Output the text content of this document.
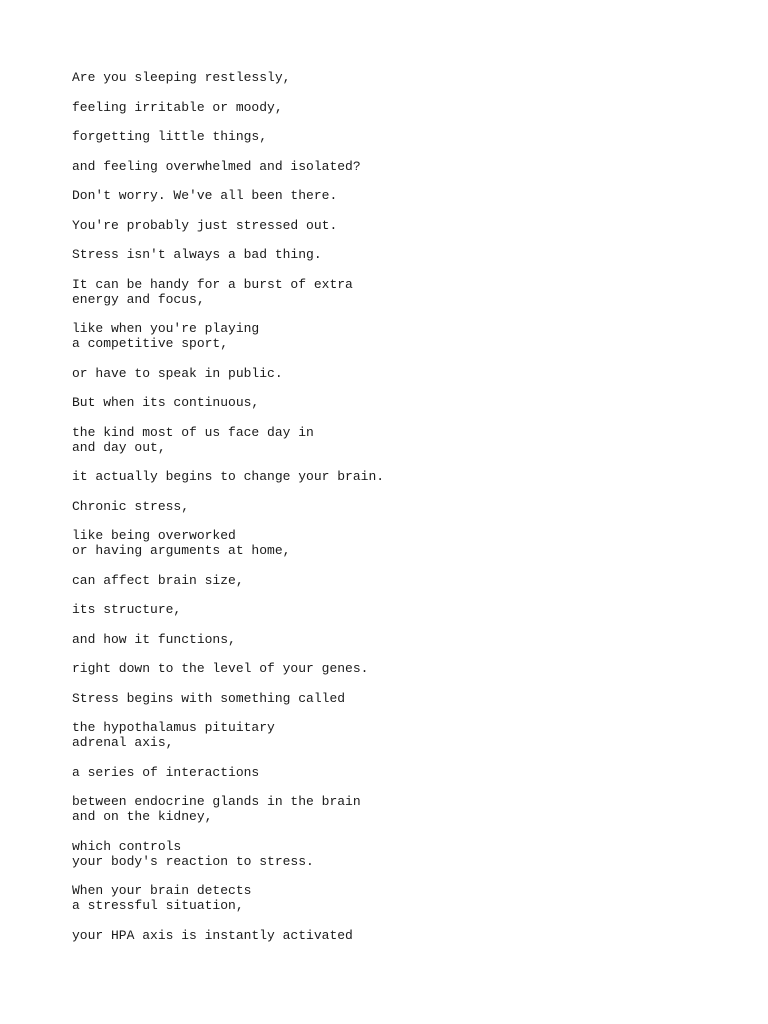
Are you sleeping restlessly,

feeling irritable or moody,

forgetting little things,

and feeling overwhelmed and isolated?

Don't worry. We've all been there.

You're probably just stressed out.

Stress isn't always a bad thing.

It can be handy for a burst of extra
energy and focus,

like when you're playing
a competitive sport,

or have to speak in public.

But when its continuous,

the kind most of us face day in
and day out,

it actually begins to change your brain.

Chronic stress,

like being overworked
or having arguments at home,

can affect brain size,

its structure,

and how it functions,

right down to the level of your genes.

Stress begins with something called

the hypothalamus pituitary
adrenal axis,

a series of interactions

between endocrine glands in the brain
and on the kidney,

which controls
your body's reaction to stress.

When your brain detects
a stressful situation,

your HPA axis is instantly activated
